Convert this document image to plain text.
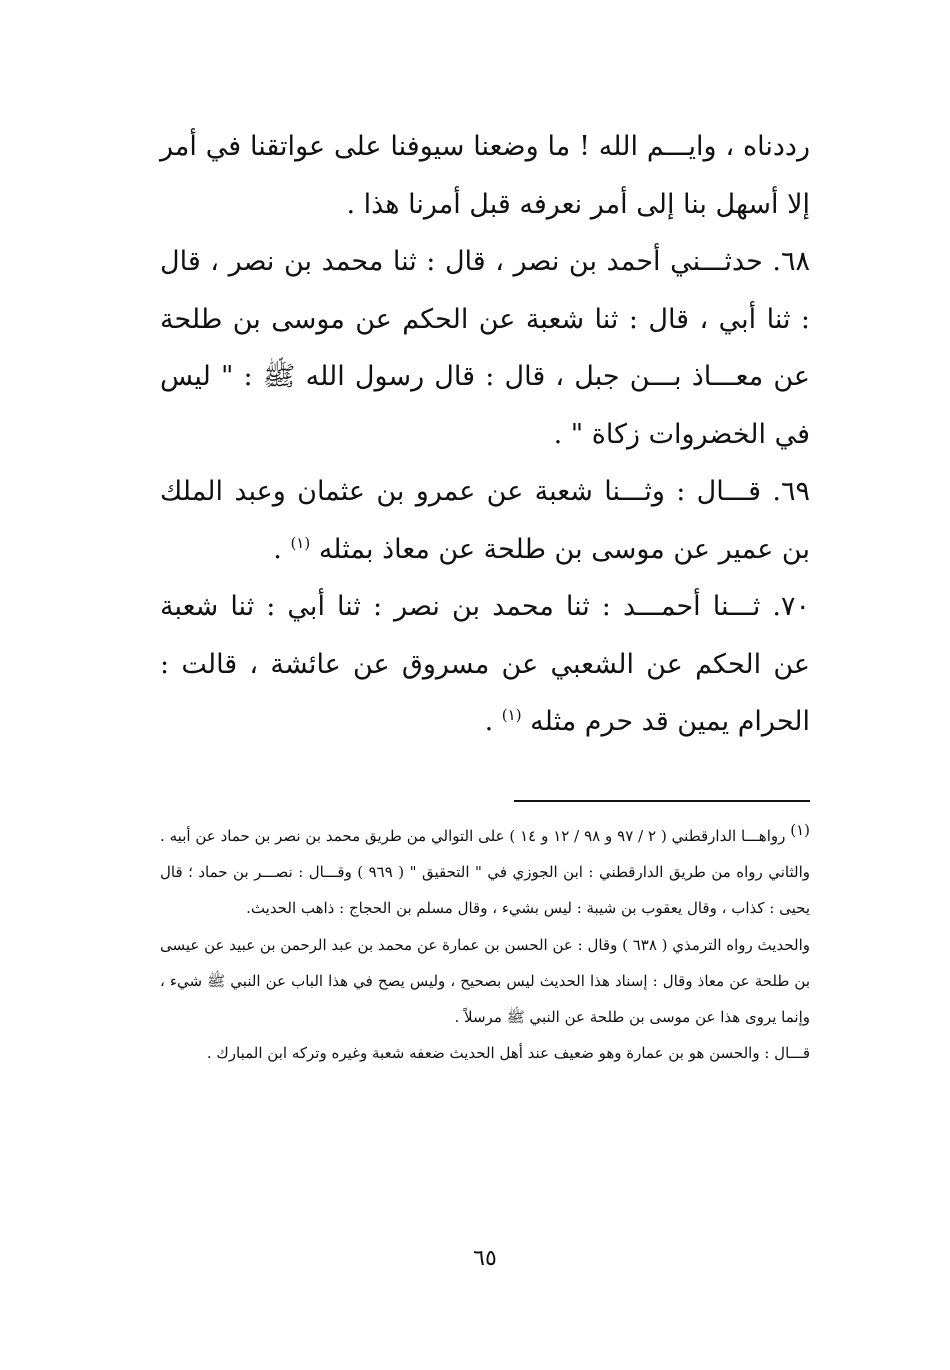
رددناه ، وايـــم الله ! ما وضعنا سيوفنا على عواتقنا في أمر إلا أسهل بنا إلى أمر نعرفه قبل أمرنا هذا .

٦٨. حدثـــني أحمد بن نصر ، قال : ثنا محمد بن نصر ، قال : ثنا أبي ، قال : ثنا شعبة عن الحكم عن موسى بن طلحة عن معـــاذ بـــن جبل ، قال : قال رسول الله ﷺ : " ليس في الخضروات زكاة " .

٦٩. قـــال : وثـــنا شعبة عن عمرو بن عثمان وعبد الملك بن عمير عن موسى بن طلحة عن معاذ بمثله $^{(١)}$ .

٧٠. ثـــنا أحمـــد : ثنا محمد بن نصر : ثنا أبي : ثنا شعبة عن الحكم عن الشعبي عن مسروق عن عائشة ، قالت : الحرام يمين قد حرم مثله $^{(١)}$ .

(١) رواهـــا الدارقطني ( ٢ / ٩٧ و ٩٨ / ١٢ و ١٤ ) على التوالي من طريق محمد بن نصر بن حماد عن أبيه . والثاني رواه من طريق الدارقطني : ابن الجوزي في " التحقيق " ( ٩٦٩ ) وقـــال : نصـــر بن حماد ؛ قال يحيى : كذاب ، وقال يعقوب بن شيبة : ليس بشيء ، وقال مسلم بن الحجاج : ذاهب الحديث.

والحديث رواه الترمذي ( ٦٣٨ ) وقال : عن الحسن بن عمارة عن محمد بن عبد الرحمن بن عبيد عن عيسى بن طلحة عن معاذ وقال : إسناد هذا الحديث ليس بصحيح ، وليس يصح في هذا الباب عن النبي ﷺ شيء ، وإنما يروى هذا عن موسى بن طلحة عن النبي ﷺ مرسلاً .

قـــال : والحسن هو بن عمارة وهو ضعيف عند أهل الحديث ضعفه شعبة وغيره وتركه ابن المبارك .

٦٥
